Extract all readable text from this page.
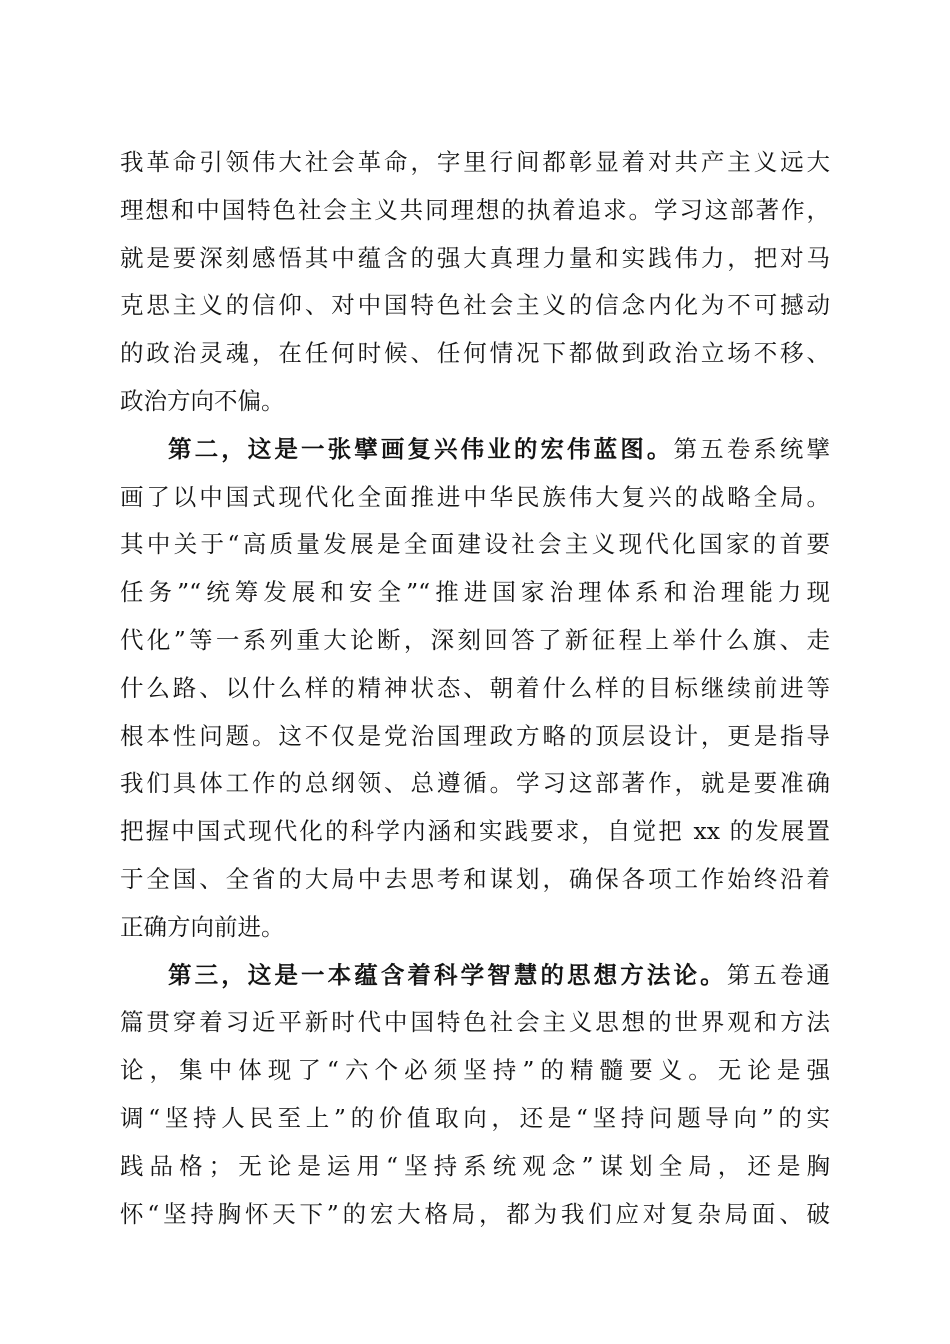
我革命引领伟大社会革命，字里行间都彰显着对共产主义远大
理想和中国特色社会主义共同理想的执着追求。学习这部著作，
就是要深刻感悟其中蕴含的强大真理力量和实践伟力，把对马
克思主义的信仰、对中国特色社会主义的信念内化为不可撼动
的政治灵魂，在任何时候、任何情况下都做到政治立场不移、
政治方向不偏。
第二，这是一张擘画复兴伟业的宏伟蓝图。第五卷系统擘
画了以中国式现代化全面推进中华民族伟大复兴的战略全局。
其中关于“高质量发展是全面建设社会主义现代化国家的首要
任务”“统筹发展和安全”“推进国家治理体系和治理能力现
代化”等一系列重大论断，深刻回答了新征程上举什么旗、走
什么路、以什么样的精神状态、朝着什么样的目标继续前进等
根本性问题。这不仅是党治国理政方略的顶层设计，更是指导
我们具体工作的总纲领、总遵循。学习这部著作，就是要准确
把握中国式现代化的科学内涵和实践要求，自觉把 xx 的发展置
于全国、全省的大局中去思考和谋划，确保各项工作始终沿着
正确方向前进。
第三，这是一本蕴含着科学智慧的思想方法论。第五卷通
篇贯穿着习近平新时代中国特色社会主义思想的世界观和方法
论，集中体现了“六个必须坚持”的精髓要义。无论是强
调“坚持人民至上”的价值取向，还是“坚持问题导向”的实
践品格；无论是运用“坚持系统观念”谋划全局，还是胸
怀“坚持胸怀天下”的宏大格局，都为我们应对复杂局面、破
